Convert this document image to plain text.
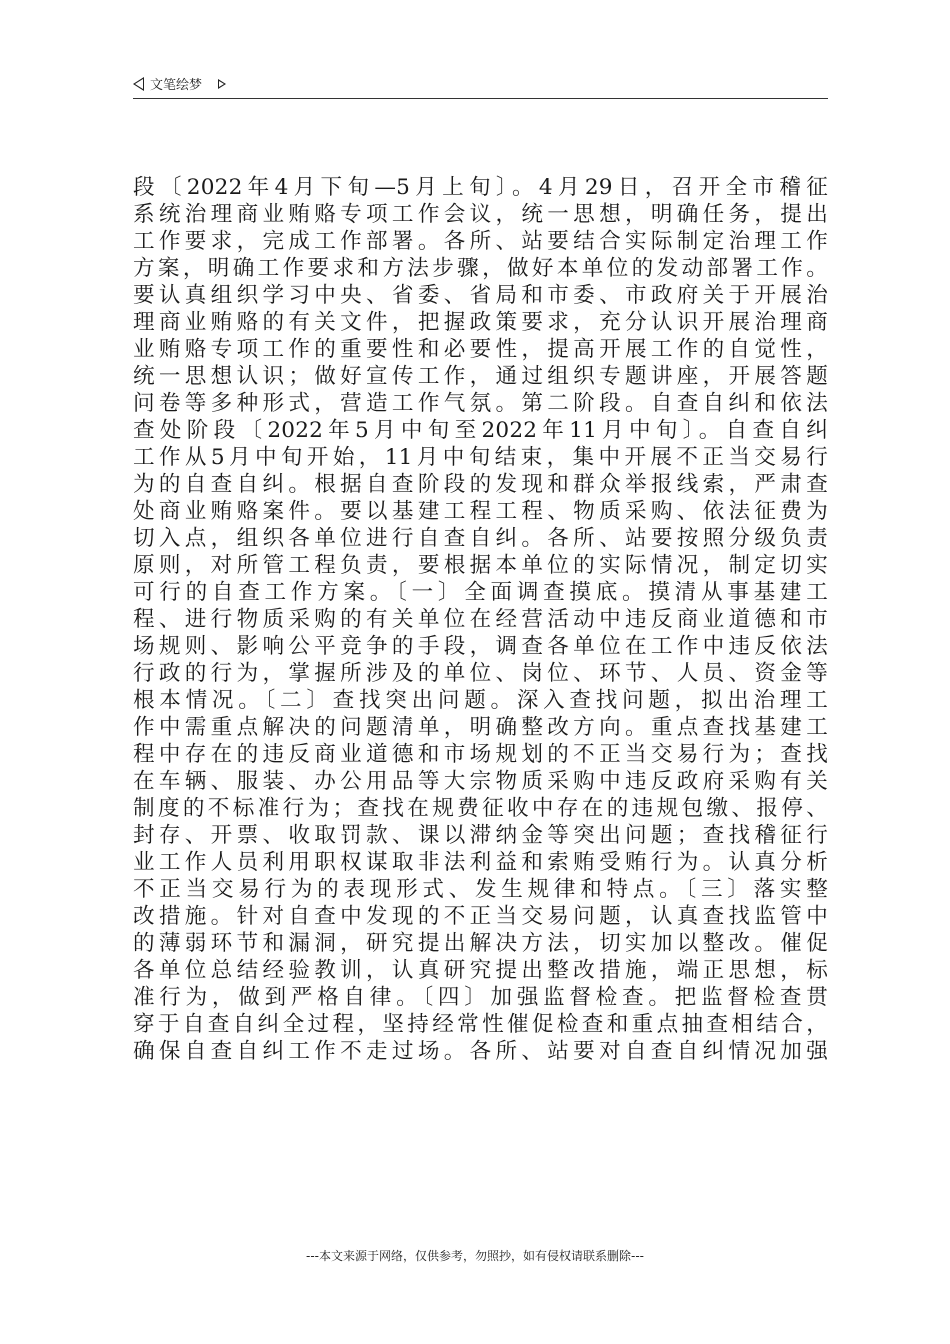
文笔绘梦
段〔2022年4月下旬—5月上旬〕。4月29日，召开全市稽征
系统治理商业贿赂专项工作会议，统一思想，明确任务，提出
工作要求，完成工作部署。各所、站要结合实际制定治理工作
方案，明确工作要求和方法步骤，做好本单位的发动部署工作。
要认真组织学习中央、省委、省局和市委、市政府关于开展治
理商业贿赂的有关文件，把握政策要求，充分认识开展治理商
业贿赂专项工作的重要性和必要性，提高开展工作的自觉性，
统一思想认识；做好宣传工作，通过组织专题讲座，开展答题
问卷等多种形式，营造工作气氛。第二阶段。自查自纠和依法
查处阶段〔2022年5月中旬至2022年11月中旬〕。自查自纠
工作从5月中旬开始，11月中旬结束，集中开展不正当交易行
为的自查自纠。根据自查阶段的发现和群众举报线索，严肃查
处商业贿赂案件。要以基建工程工程、物质采购、依法征费为
切入点，组织各单位进行自查自纠。各所、站要按照分级负责
原则，对所管工程负责，要根据本单位的实际情况，制定切实
可行的自查工作方案。〔一〕全面调查摸底。摸清从事基建工
程、进行物质采购的有关单位在经营活动中违反商业道德和市
场规则、影响公平竞争的手段，调查各单位在工作中违反依法
行政的行为，掌握所涉及的单位、岗位、环节、人员、资金等
根本情况。〔二〕查找突出问题。深入查找问题，拟出治理工
作中需重点解决的问题清单，明确整改方向。重点查找基建工
程中存在的违反商业道德和市场规划的不正当交易行为；查找
在车辆、服装、办公用品等大宗物质采购中违反政府采购有关
制度的不标准行为；查找在规费征收中存在的违规包缴、报停、
封存、开票、收取罚款、课以滞纳金等突出问题；查找稽征行
业工作人员利用职权谋取非法利益和索贿受贿行为。认真分析
不正当交易行为的表现形式、发生规律和特点。〔三〕落实整
改措施。针对自查中发现的不正当交易问题，认真查找监管中
的薄弱环节和漏洞，研究提出解决方法，切实加以整改。催促
各单位总结经验教训，认真研究提出整改措施，端正思想，标
准行为，做到严格自律。〔四〕加强监督检查。把监督检查贯
穿于自查自纠全过程，坚持经常性催促检查和重点抽查相结合，
确保自查自纠工作不走过场。各所、站要对自查自纠情况加强
---本文来源于网络，仅供参考，勿照抄，如有侵权请联系删除---
